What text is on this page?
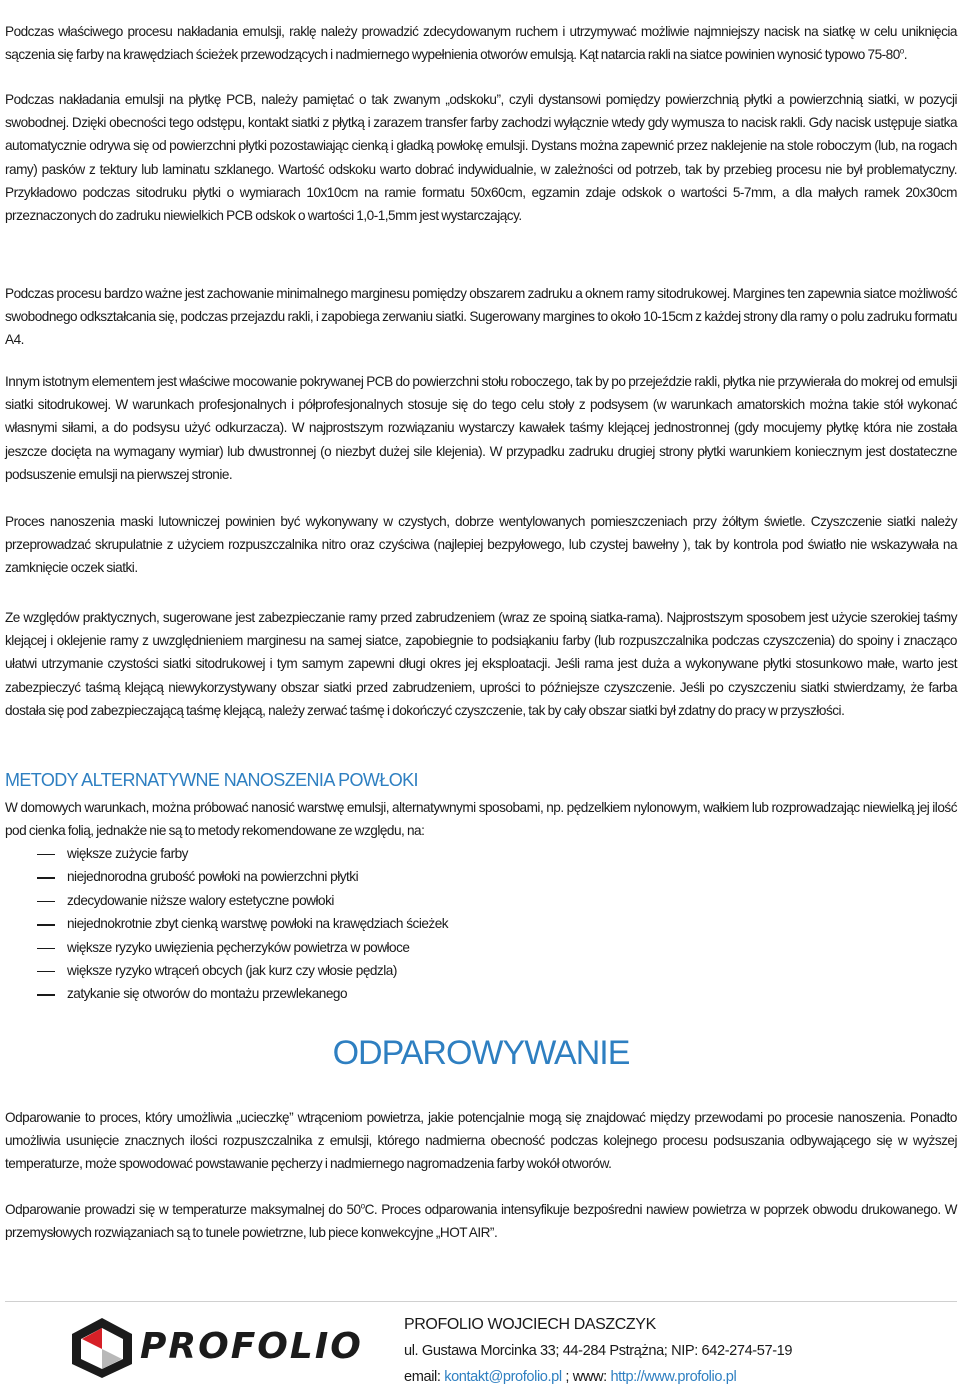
Podczas właściwego procesu nakładania emulsji, raklę należy prowadzić zdecydowanym ruchem i utrzymywać możliwie najmniejszy nacisk na siatkę w celu uniknięcia sączenia się farby na krawędziach ścieżek przewodzących i nadmiernego wypełnienia otworów emulsją. Kąt natarcia rakli na siatce powinien wynosić typowo 75-80$^o$.

Podczas nakładania emulsji na płytkę PCB, należy pamiętać o tak zwanym „odskoku”, czyli dystansowi pomiędzy powierzchnią płytki a powierzchnią siatki, w pozycji swobodnej. Dzięki obecności tego odstępu, kontakt siatki z płytką i zarazem transfer farby zachodzi wyłącznie wtedy gdy wymusza to nacisk rakli. Gdy nacisk ustępuje siatka automatycznie odrywa się od powierzchni płytki pozostawiając cienką i gładką powłokę emulsji. Dystans można zapewnić przez naklejenie na stole roboczym (lub, na rogach ramy) pasków z tektury lub laminatu szklanego. Wartość odskoku warto dobrać indywidualnie, w zależności od potrzeb, tak by przebieg procesu nie był problematyczny. Przykładowo podczas sitodruku płytki o wymiarach 10x10cm na ramie formatu 50x60cm, egzamin zdaje odskok o wartości 5-7mm, a dla małych ramek 20x30cm przeznaczonych do zadruku niewielkich PCB odskok o wartości 1,0-1,5mm jest wystarczający.

Podczas procesu bardzo ważne jest zachowanie minimalnego marginesu pomiędzy obszarem zadruku a oknem ramy sitodrukowej. Margines ten zapewnia siatce możliwość swobodnego odkształcania się, podczas przejazdu rakli, i zapobiega zerwaniu siatki. Sugerowany margines to około 10-15cm z każdej strony dla ramy o polu zadruku formatu A4.

Innym istotnym elementem jest właściwe mocowanie pokrywanej PCB do powierzchni stołu roboczego, tak by po przejeździe rakli, płytka nie przywierała do mokrej od emulsji siatki sitodrukowej. W warunkach profesjonalnych i półprofesjonalnych stosuje się do tego celu stoły z podsysem (w warunkach amatorskich można takie stół wykonać własnymi siłami, a do podsysu użyć odkurzacza). W najprostszym rozwiązaniu wystarczy kawałek taśmy klejącej jednostronnej (gdy mocujemy płytkę która nie została jeszcze docięta na wymagany wymiar) lub dwustronnej (o niezbyt dużej sile klejenia). W przypadku zadruku drugiej strony płytki warunkiem koniecznym jest dostateczne podsuszenie emulsji na pierwszej stronie.

Proces nanoszenia maski lutowniczej powinien być wykonywany w czystych, dobrze wentylowanych pomieszczeniach przy żółtym świetle. Czyszczenie siatki należy przeprowadzać skrupulatnie z użyciem rozpuszczalnika nitro oraz czyściwa (najlepiej bezpyłowego, lub czystej bawełny ), tak by kontrola pod światło nie wskazywała na zamknięcie oczek siatki.

Ze względów praktycznych, sugerowane jest zabezpieczanie ramy przed zabrudzeniem (wraz ze spoiną siatka-rama). Najprostszym sposobem jest użycie szerokiej taśmy klejącej i oklejenie ramy z uwzględnieniem marginesu na samej siatce, zapobiegnie to podsiąkaniu farby (lub rozpuszczalnika podczas czyszczenia) do spoiny i znacząco ułatwi utrzymanie czystości siatki sitodrukowej i tym samym zapewni długi okres jej eksploatacji. Jeśli rama jest duża a wykonywane płytki stosunkowo małe, warto jest zabezpieczyć taśmą klejącą niewykorzystywany obszar siatki przed zabrudzeniem, uprości to późniejsze czyszczenie. Jeśli po czyszczeniu siatki stwierdzamy, że farba dostała się pod zabezpieczającą taśmę klejącą, należy zerwać taśmę i dokończyć czyszczenie, tak by cały obszar siatki był zdatny do pracy w przyszłości.

METODY ALTERNATYWNE NANOSZENIA POWŁOKI

W domowych warunkach, można próbować nanosić warstwę emulsji, alternatywnymi sposobami, np. pędzelkiem nylonowym, wałkiem lub rozprowadzając niewielką jej ilość pod cienka folią, jednakże nie są to metody rekomendowane ze względu, na:

większe zużycie farby
niejednorodna grubość powłoki na powierzchni płytki
zdecydowanie niższe walory estetyczne powłoki
niejednokrotnie zbyt cienką warstwę powłoki na krawędziach ścieżek
większe ryzyko uwięzienia pęcherzyków powietrza w powłoce
większe ryzyko wtrąceń obcych (jak kurz czy włosie pędzla)
zatykanie się otworów do montażu przewlekanego
ODPAROWYWANIE

Odparowanie to proces, który umożliwia „ucieczkę” wtrąceniom powietrza, jakie potencjalnie mogą się znajdować między przewodami po procesie nanoszenia. Ponadto umożliwia usunięcie znacznych ilości rozpuszczalnika z emulsji, którego nadmierna obecność podczas kolejnego procesu podsuszania odbywającego się w wyższej temperaturze, może spowodować powstawanie pęcherzy i nadmiernego nagromadzenia farby wokół otworów.

Odparowanie prowadzi się w temperaturze maksymalnej do 50$^o$C. Proces odparowania intensyfikuje bezpośredni nawiew powietrza w poprzek obwodu drukowanego. W przemysłowych rozwiązaniach są to tunele powietrzne, lub piece konwekcyjne „HOT AIR”.

PROFOLIO
PROFOLIO WOJCIECH DASZCZYK
ul. Gustawa Morcinka 33; 44-284 Pstrążna; NIP: 642-274-57-19
email: kontakt@profolio.pl ; www: http://www.profolio.pl
